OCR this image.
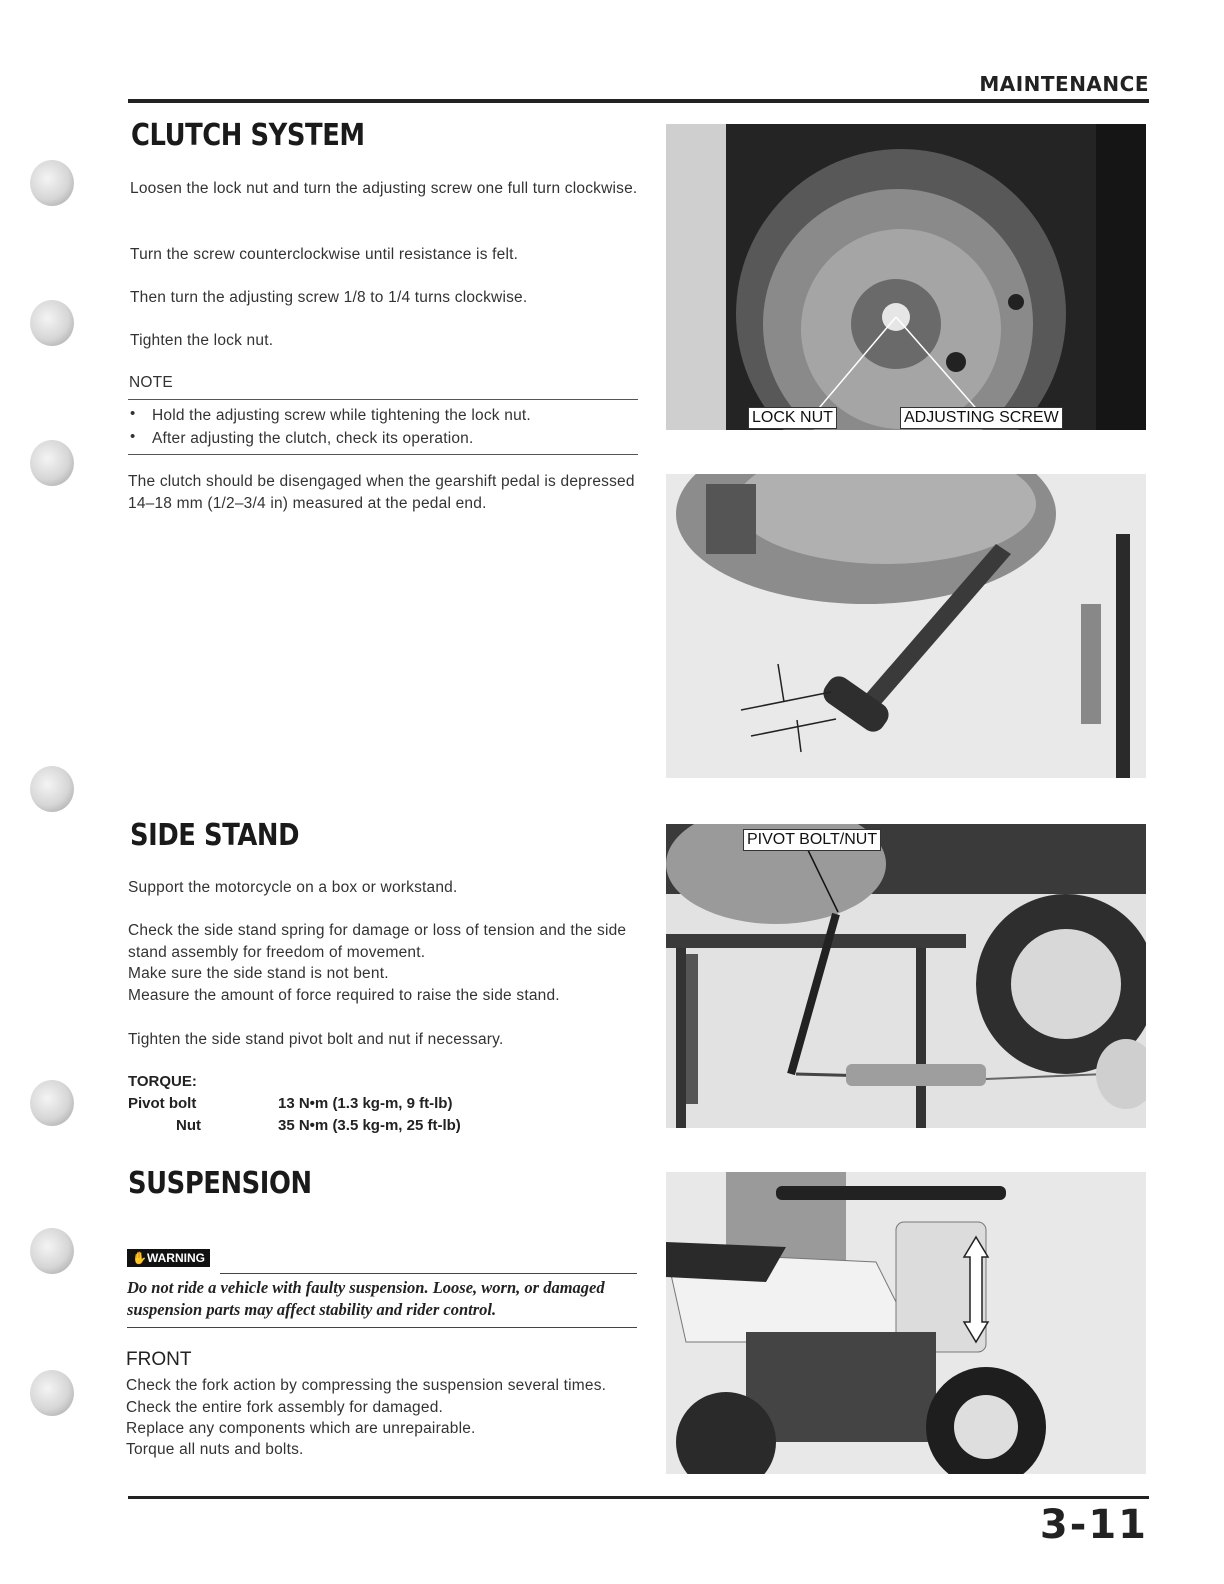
MAINTENANCE
CLUTCH SYSTEM
Loosen the lock nut and turn the adjusting screw one full turn clockwise.
Turn the screw counterclockwise until resistance is felt.
Then turn the adjusting screw 1/8 to 1/4 turns clockwise.
Tighten the lock nut.
NOTE
• Hold the adjusting screw while tightening the lock nut.
• After adjusting the clutch, check its operation.
The clutch should be disengaged when the gearshift pedal is depressed 14–18 mm (1/2–3/4 in) measured at the pedal end.
LOCK NUT	ADJUSTING SCREW
SIDE STAND
Support the motorcycle on a box or workstand.
Check the side stand spring for damage or loss of tension and the side stand assembly for freedom of movement.
Make sure the side stand is not bent.
Measure the amount of force required to raise the side stand.
Tighten the side stand pivot bolt and nut if necessary.
TORQUE:
Pivot bolt	13 N•m (1.3 kg-m, 9 ft-lb)
Nut	35 N•m (3.5 kg-m, 25 ft-lb)
PIVOT BOLT/NUT
SUSPENSION
✋WARNING
Do not ride a vehicle with faulty suspension. Loose, worn, or damaged suspension parts may affect stability and rider control.
FRONT
Check the fork action by compressing the suspension several times. Check the entire fork assembly for damaged.
Replace any components which are unrepairable.
Torque all nuts and bolts.
3-11
